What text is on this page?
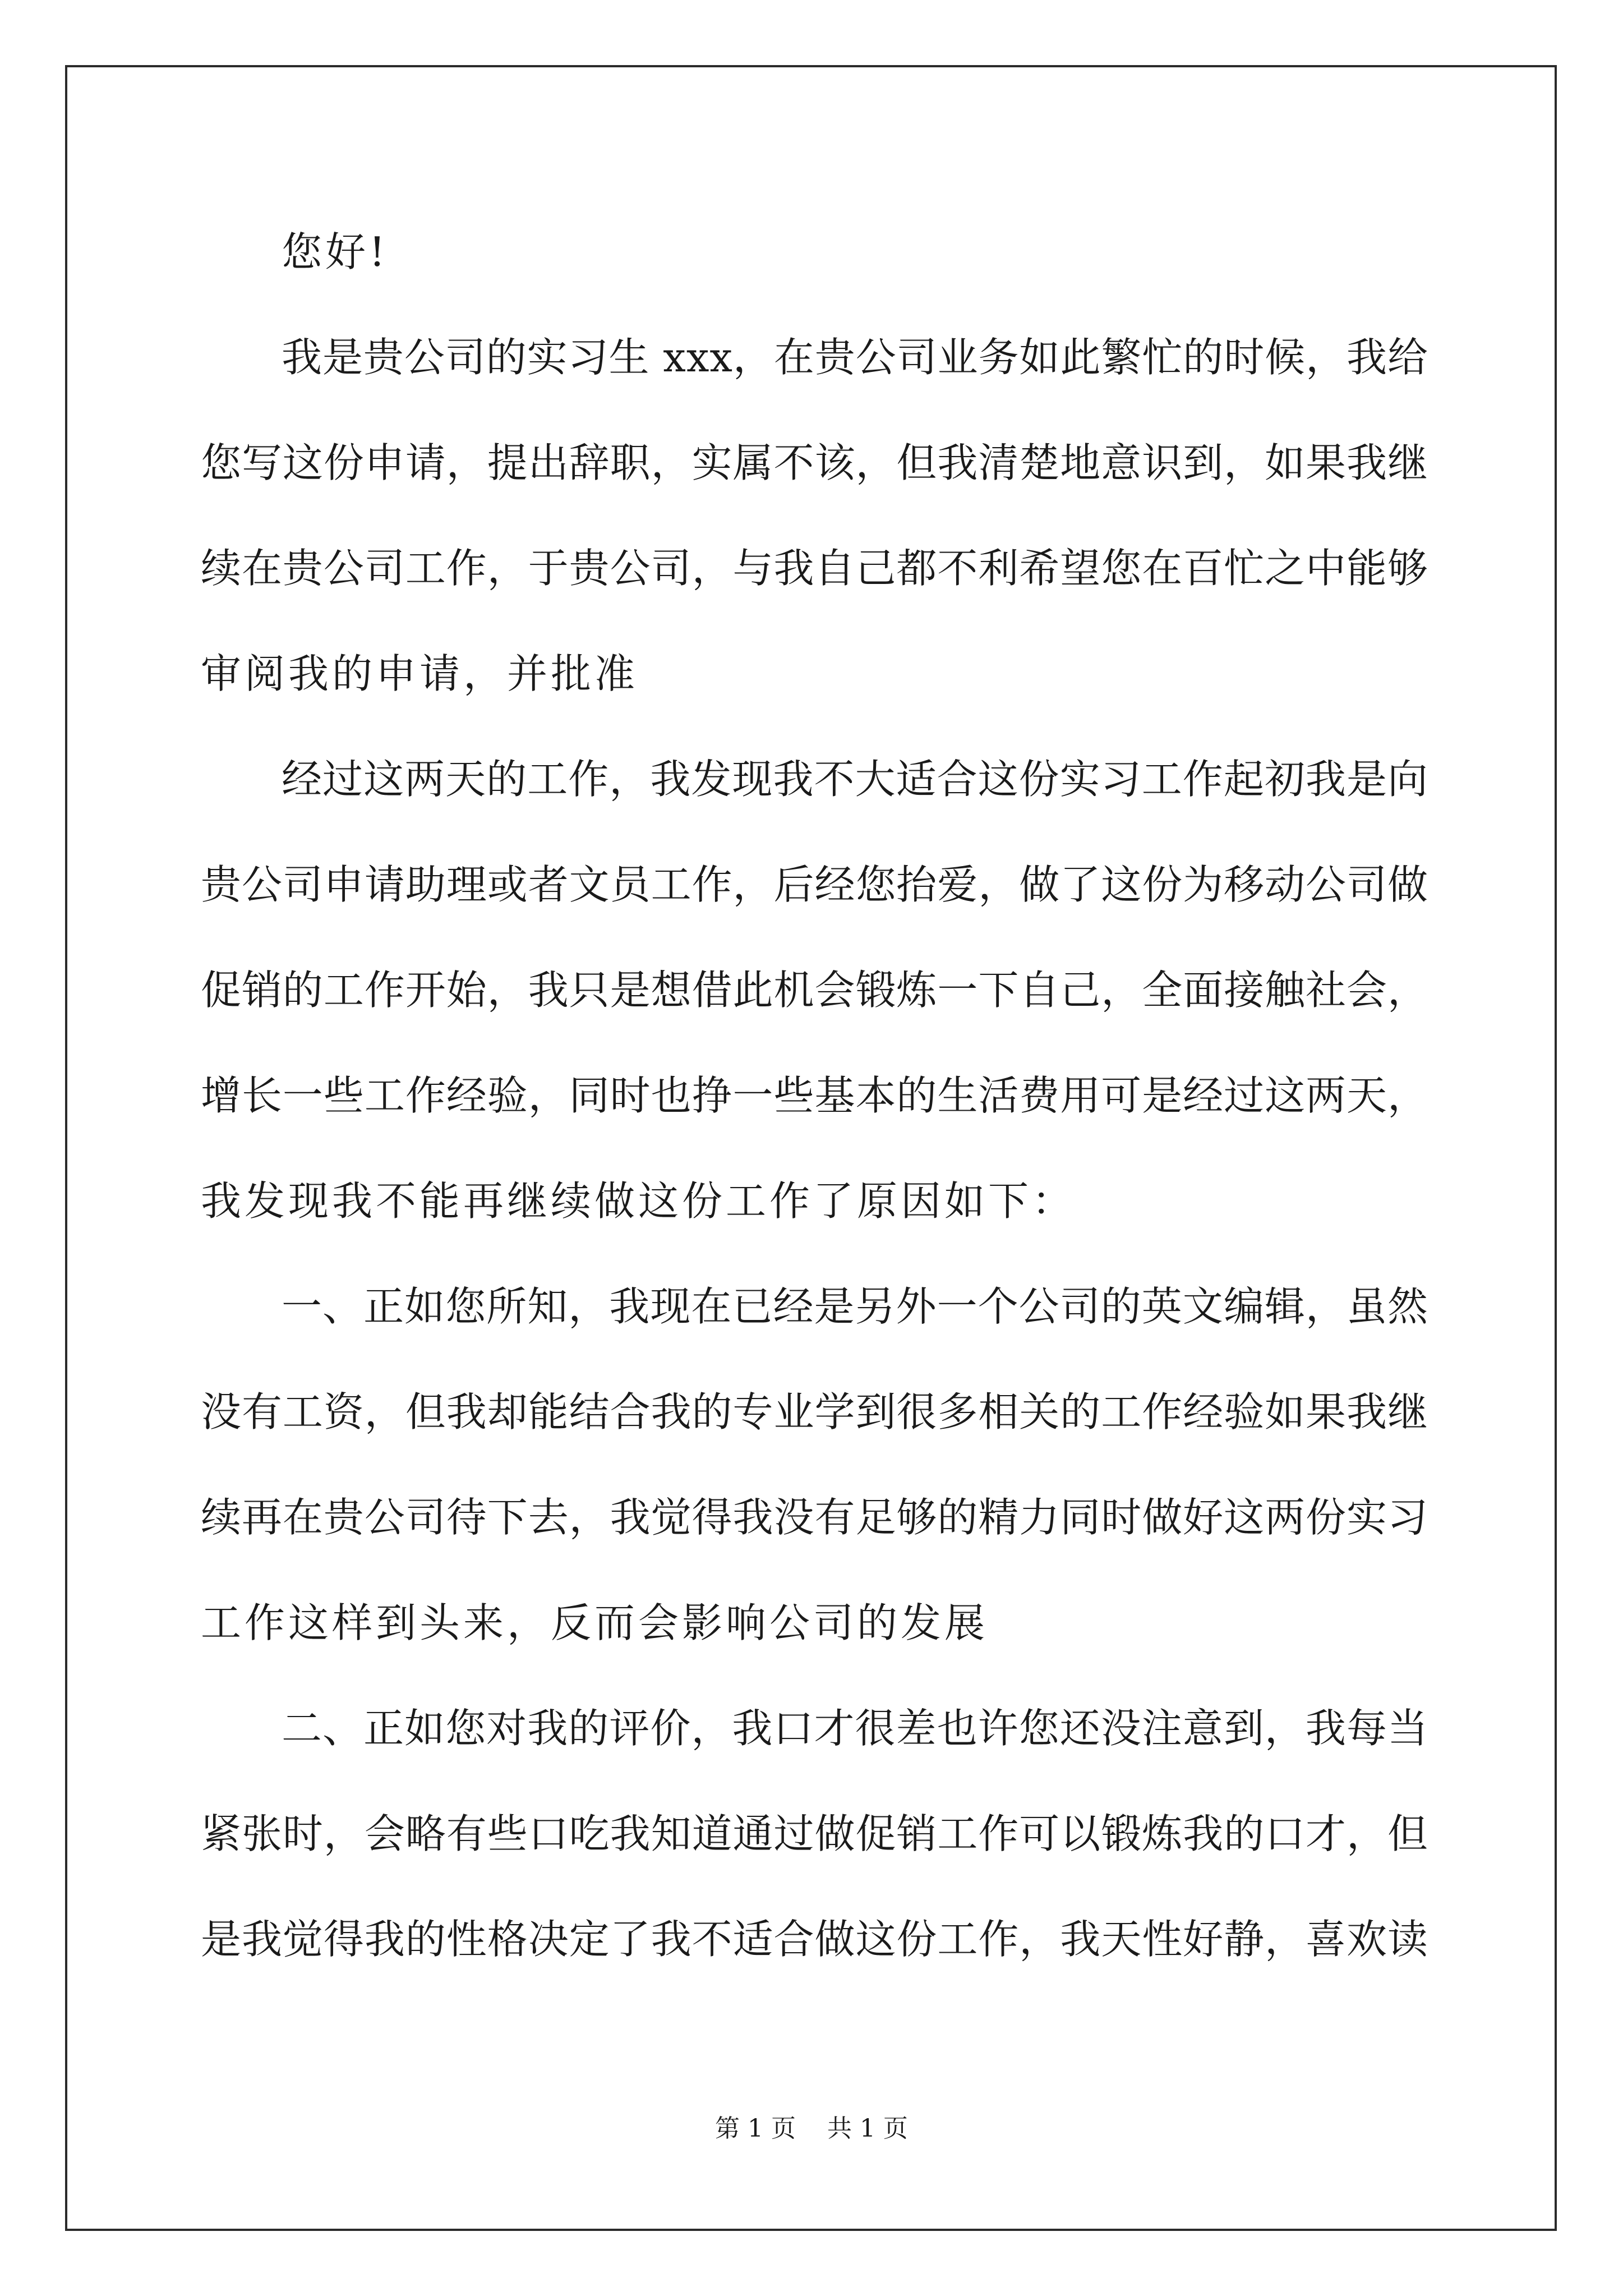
您好!
我是贵公司的实习生 xxx，在贵公司业务如此繁忙的时候，我给
您写这份申请，提出辞职，实属不该，但我清楚地意识到，如果我继
续在贵公司工作，于贵公司，与我自己都不利希望您在百忙之中能够
审阅我的申请，并批准
经过这两天的工作，我发现我不大适合这份实习工作起初我是向
贵公司申请助理或者文员工作，后经您抬爱，做了这份为移动公司做
促销的工作开始，我只是想借此机会锻炼一下自己，全面接触社会，
增长一些工作经验，同时也挣一些基本的生活费用可是经过这两天，
我发现我不能再继续做这份工作了原因如下：
一、正如您所知，我现在已经是另外一个公司的英文编辑，虽然
没有工资，但我却能结合我的专业学到很多相关的工作经验如果我继
续再在贵公司待下去，我觉得我没有足够的精力同时做好这两份实习
工作这样到头来，反而会影响公司的发展
二、正如您对我的评价，我口才很差也许您还没注意到，我每当
紧张时，会略有些口吃我知道通过做促销工作可以锻炼我的口才，但
是我觉得我的性格决定了我不适合做这份工作，我天性好静，喜欢读
第 1 页    共 1 页
